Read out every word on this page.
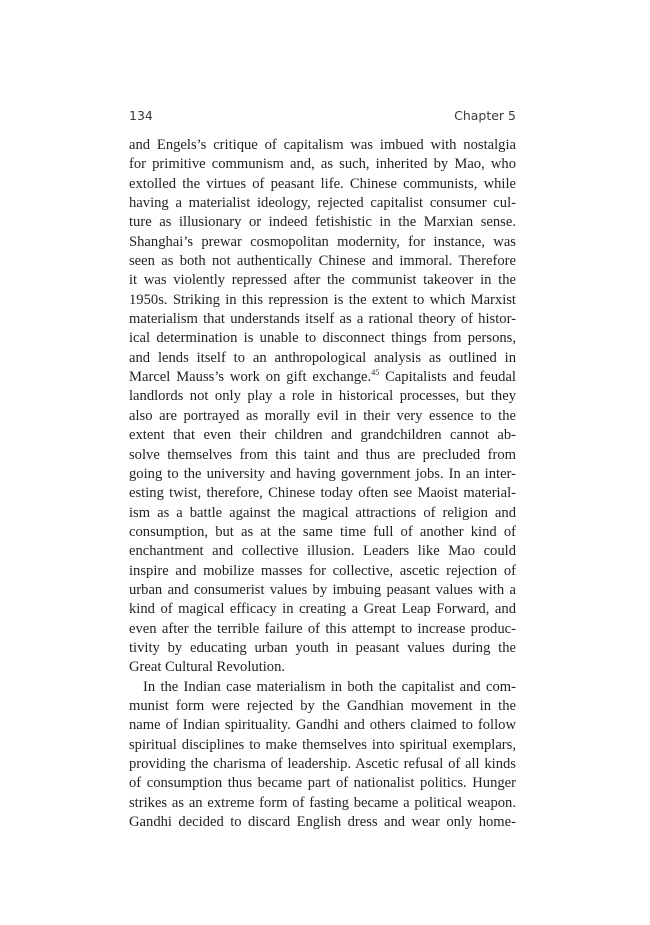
134	Chapter 5

and Engels’s critique of capitalism was imbued with nostalgia
for primitive communism and, as such, inherited by Mao, who
extolled the virtues of peasant life. Chinese communists, while
having a materialist ideology, rejected capitalist consumer cul-
ture as illusionary or indeed fetishistic in the Marxian sense.
Shanghai’s prewar cosmopolitan modernity, for instance, was
seen as both not authentically Chinese and immoral. Therefore
it was violently repressed after the communist takeover in the
1950s. Striking in this repression is the extent to which Marxist
materialism that understands itself as a rational theory of histor-
ical determination is unable to disconnect things from persons,
and lends itself to an anthropological analysis as outlined in
Marcel Mauss’s work on gift exchange.$^{45}$ Capitalists and feudal
landlords not only play a role in historical processes, but they
also are portrayed as morally evil in their very essence to the
extent that even their children and grandchildren cannot ab-
solve themselves from this taint and thus are precluded from
going to the university and having government jobs. In an inter-
esting twist, therefore, Chinese today often see Maoist material-
ism as a battle against the magical attractions of religion and
consumption, but as at the same time full of another kind of
enchantment and collective illusion. Leaders like Mao could
inspire and mobilize masses for collective, ascetic rejection of
urban and consumerist values by imbuing peasant values with a
kind of magical efficacy in creating a Great Leap Forward, and
even after the terrible failure of this attempt to increase produc-
tivity by educating urban youth in peasant values during the
Great Cultural Revolution.

In the Indian case materialism in both the capitalist and com-
munist form were rejected by the Gandhian movement in the
name of Indian spirituality. Gandhi and others claimed to follow
spiritual disciplines to make themselves into spiritual exemplars,
providing the charisma of leadership. Ascetic refusal of all kinds
of consumption thus became part of nationalist politics. Hunger
strikes as an extreme form of fasting became a political weapon.
Gandhi decided to discard English dress and wear only home-
